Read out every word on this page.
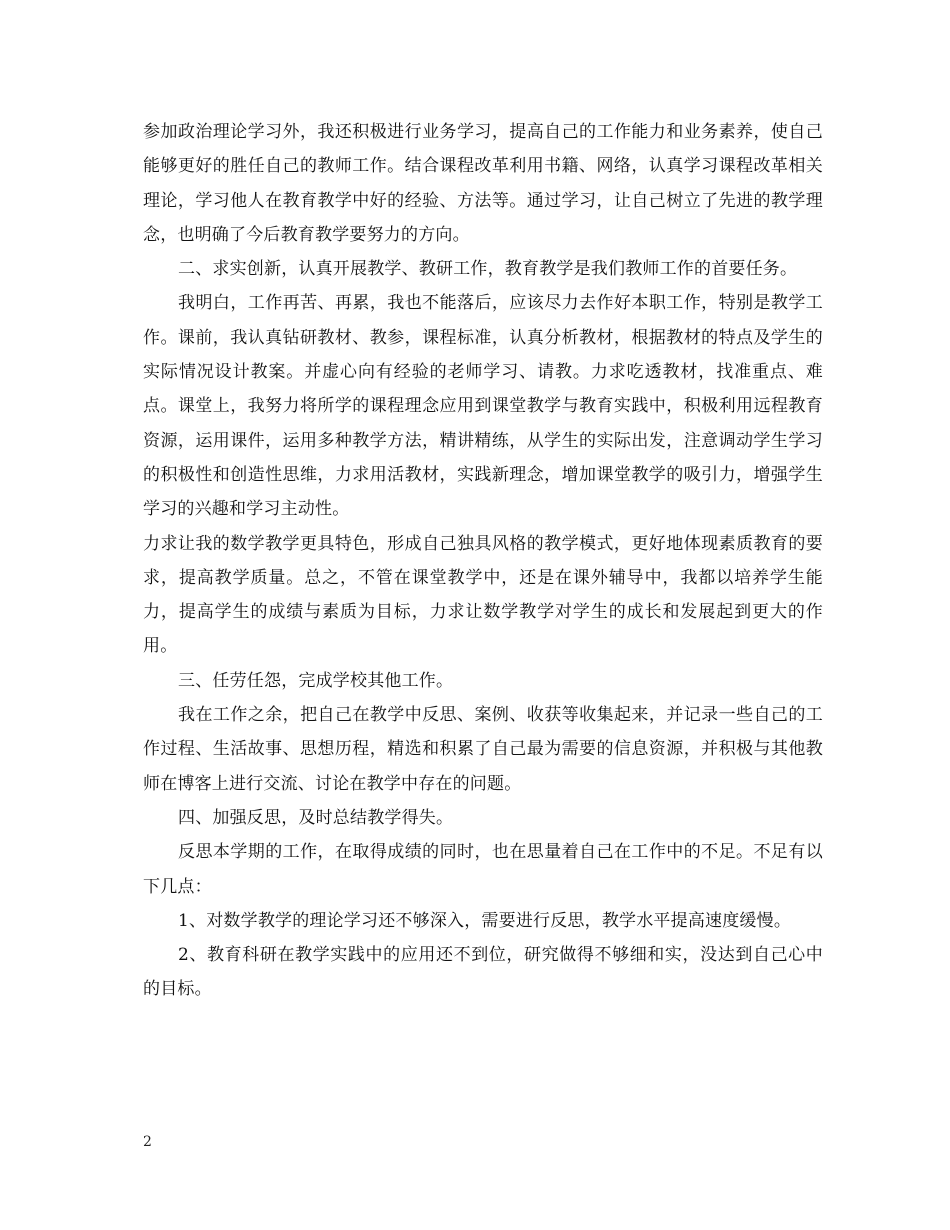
参加政治理论学习外，我还积极进行业务学习，提高自己的工作能力和业务素养，使自己能够更好的胜任自己的教师工作。结合课程改革利用书籍、网络，认真学习课程改革相关理论，学习他人在教育教学中好的经验、方法等。通过学习，让自己树立了先进的教学理念，也明确了今后教育教学要努力的方向。

二、求实创新，认真开展教学、教研工作，教育教学是我们教师工作的首要任务。

我明白，工作再苦、再累，我也不能落后，应该尽力去作好本职工作，特别是教学工作。课前，我认真钻研教材、教参，课程标准，认真分析教材，根据教材的特点及学生的实际情况设计教案。并虚心向有经验的老师学习、请教。力求吃透教材，找准重点、难点。课堂上，我努力将所学的课程理念应用到课堂教学与教育实践中，积极利用远程教育资源，运用课件，运用多种教学方法，精讲精练，从学生的实际出发，注意调动学生学习的积极性和创造性思维，力求用活教材，实践新理念，增加课堂教学的吸引力，增强学生学习的兴趣和学习主动性。

力求让我的数学教学更具特色，形成自己独具风格的教学模式，更好地体现素质教育的要求，提高教学质量。总之，不管在课堂教学中，还是在课外辅导中，我都以培养学生能力，提高学生的成绩与素质为目标，力求让数学教学对学生的成长和发展起到更大的作用。

三、任劳任怨，完成学校其他工作。

我在工作之余，把自己在教学中反思、案例、收获等收集起来，并记录一些自己的工作过程、生活故事、思想历程，精选和积累了自己最为需要的信息资源，并积极与其他教师在博客上进行交流、讨论在教学中存在的问题。

四、加强反思，及时总结教学得失。

反思本学期的工作，在取得成绩的同时，也在思量着自己在工作中的不足。不足有以下几点：

1、对数学教学的理论学习还不够深入，需要进行反思，教学水平提高速度缓慢。

2、教育科研在教学实践中的应用还不到位，研究做得不够细和实，没达到自己心中的目标。

2
